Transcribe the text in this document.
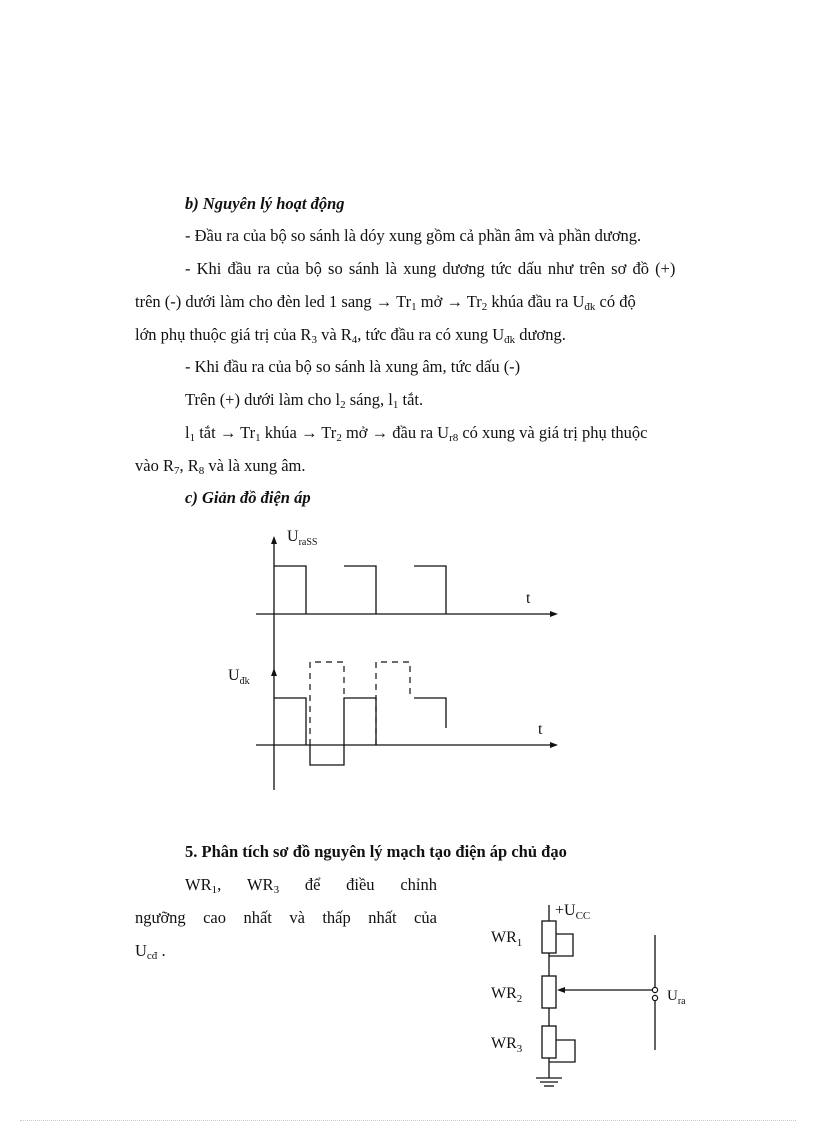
b) Nguyên lý hoạt động
- Đầu ra của bộ so sánh là dóy xung gồm cả phần âm và phần dương.
- Khi đầu ra của bộ so sánh là xung dương tức dấu như trên sơ đồ (+)
trên (-) dưới làm cho đèn led 1 sang → $Tr_1$ mở → $Tr_2$ khúa đầu ra $U_{đk}$ có độ
lớn phụ thuộc giá trị của $R_3$ và $R_4$, tức đầu ra có xung $U_{đk}$ dương.
- Khi đầu ra của bộ so sánh là xung âm, tức dấu (-)
Trên (+) dưới làm cho $l_2$ sáng, $l_1$ tắt.
$l_1$ tắt → $Tr_1$ khúa → $Tr_2$ mở → đầu ra $U_{r8}$ có xung và giá trị phụ thuộc
vào $R_7$, $R_8$ và là xung âm.
c) Giản đồ điện áp
$U_{raSS}$
$U_{đk}$
t
t
5. Phân tích sơ đồ nguyên lý mạch tạo điện áp chủ đạo
$WR_1$, $WR_3$ để điều chỉnh
ngưỡng cao nhất và thấp nhất của
$U_{cđ}$ .
$+U_{CC}$
$WR_1$
$WR_2$
$WR_3$
$U_{ra}$
